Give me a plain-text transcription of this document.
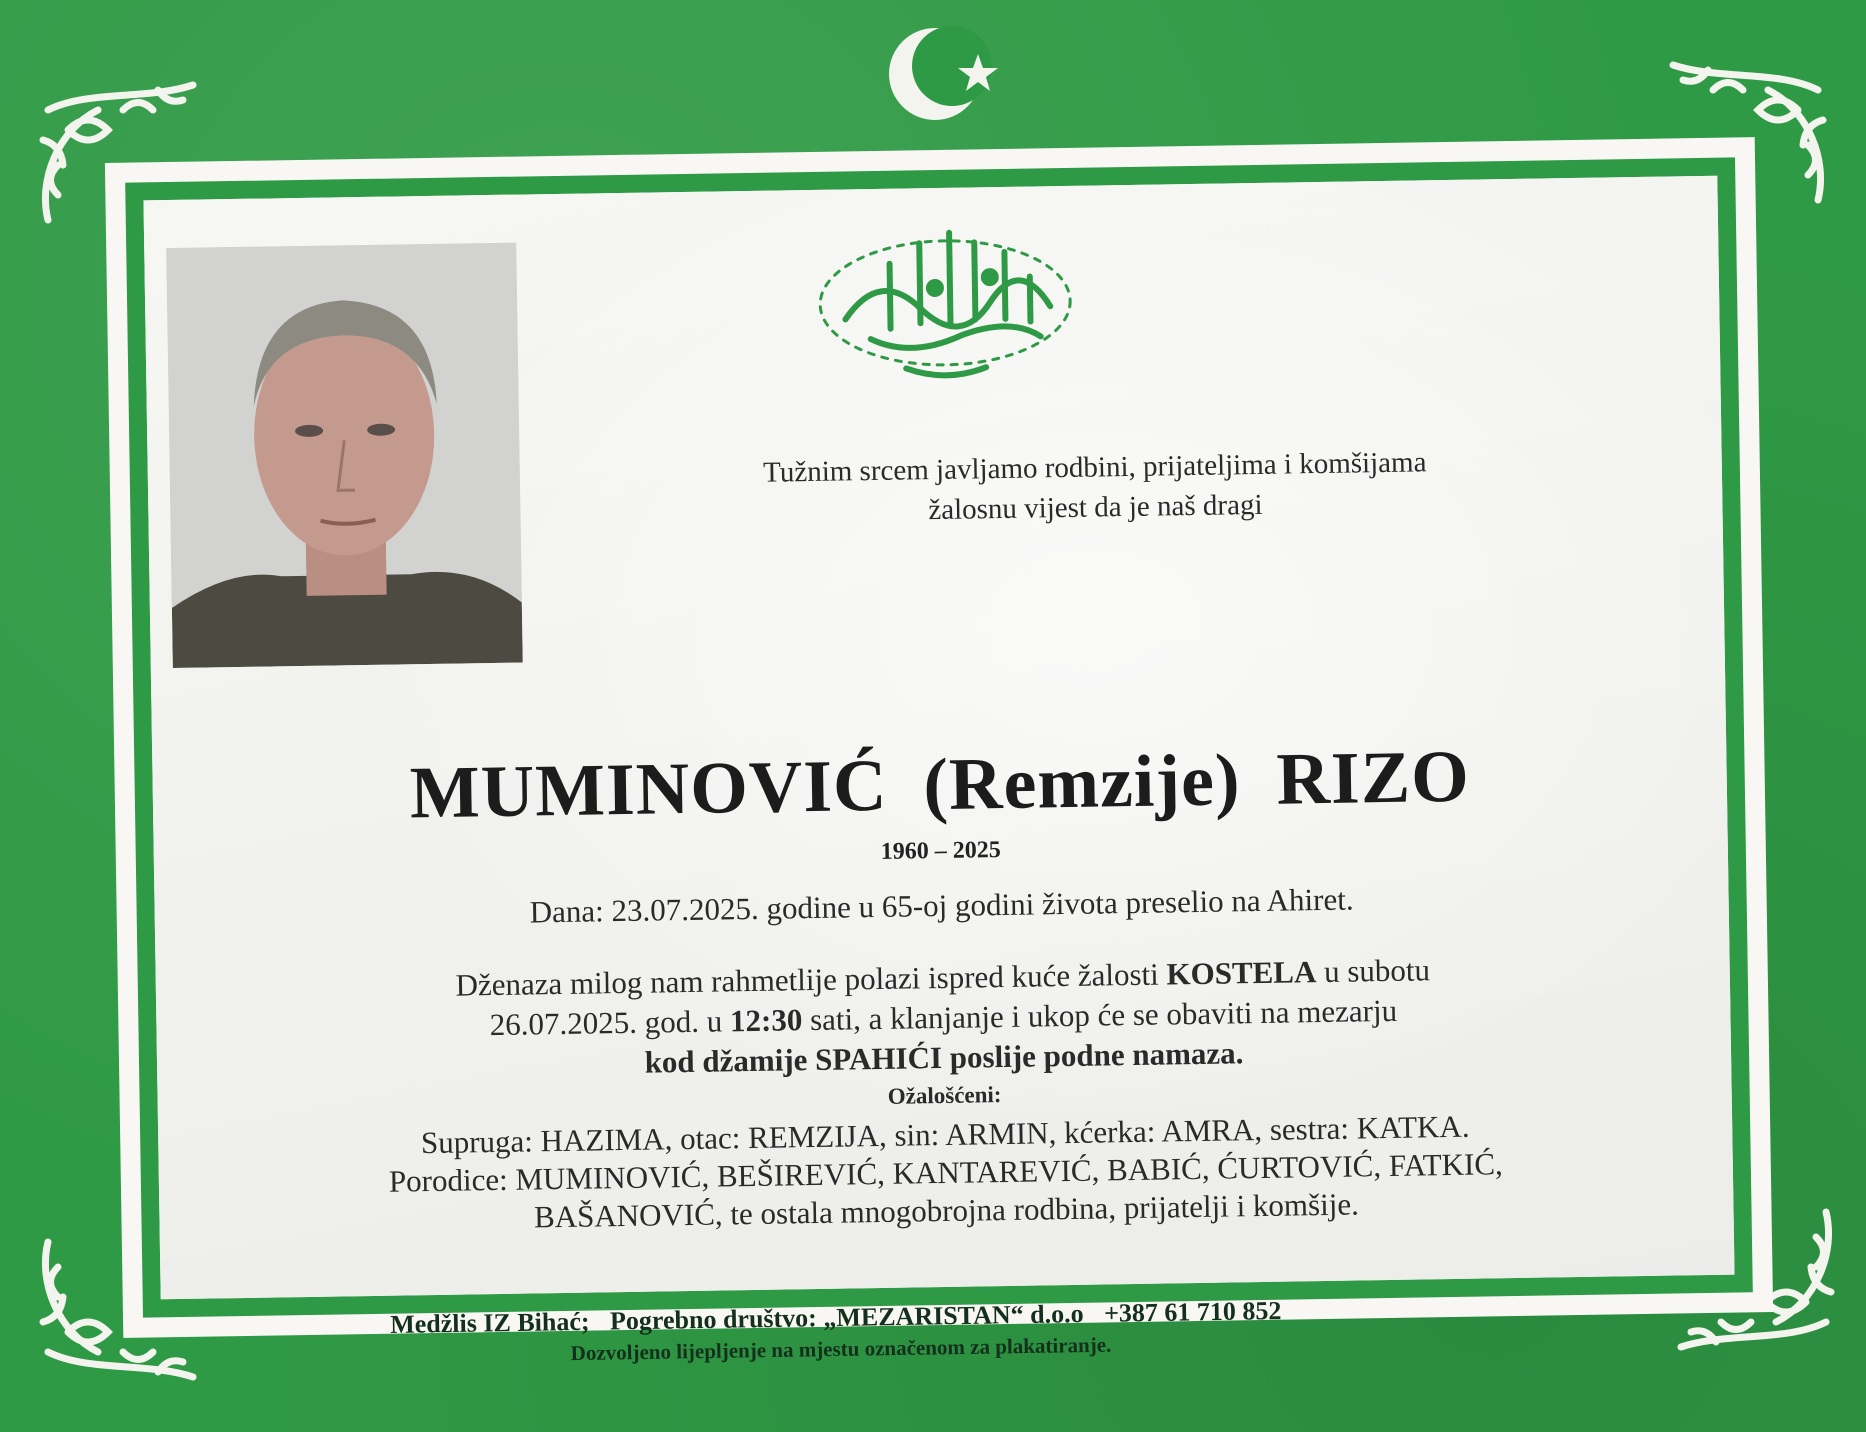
Tužnim srcem javljamo rodbini, prijateljima i komšijama
žalosnu vijest da je naš dragi
MUMINOVIĆ (Remzije) RIZO
1960 – 2025
Dana: 23.07.2025. godine u 65-oj godini života preselio na Ahiret.
Dženaza milog nam rahmetlije polazi ispred kuće žalosti KOSTELA u subotu
26.07.2025. god. u 12:30 sati, a klanjanje i ukop će se obaviti na mezarju
kod džamije SPAHIĆI poslije podne namaza.
Ožalošćeni:
Supruga: HAZIMA, otac: REMZIJA, sin: ARMIN, kćerka: AMRA, sestra: KATKA.
Porodice: MUMINOVIĆ, BEŠIREVIĆ, KANTAREVIĆ, BABIĆ, ĆURTOVIĆ, FATKIĆ,
BAŠANOVIĆ, te ostala mnogobrojna rodbina, prijatelji i komšije.
Medžlis IZ Bihać; Pogrebno društvo: „MEZARISTAN“ d.o.o +387 61 710 852
Dozvoljeno lijepljenje na mjestu označenom za plakatiranje.
